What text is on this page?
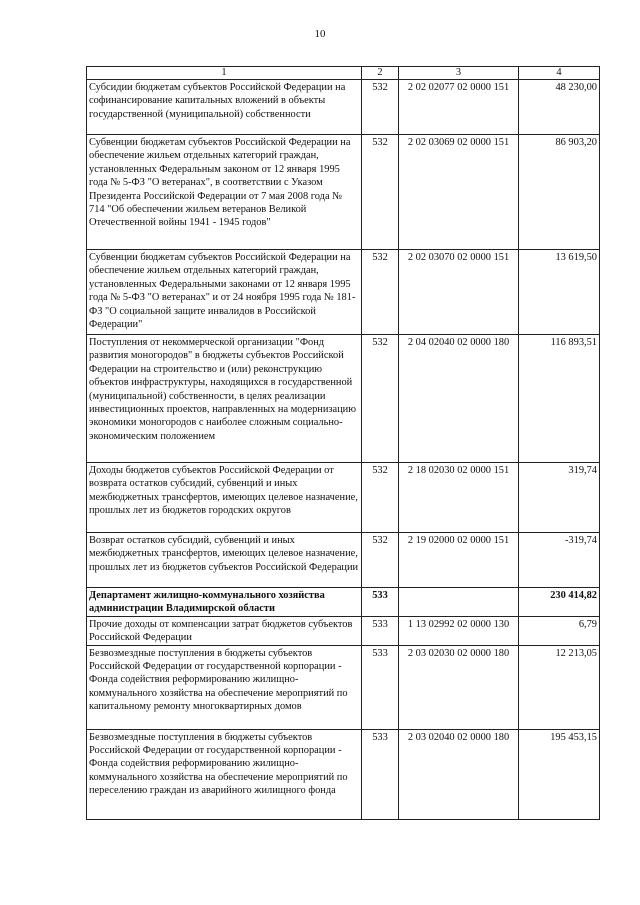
10
1	2	3	4
Субсидии бюджетам субъектов Российской Федерации на софинансирование капитальных вложений в объекты государственной (муниципальной) собственности	532	2 02 02077 02 0000 151	48 230,00
Субвенции бюджетам субъектов Российской Федерации на обеспечение жильем отдельных категорий граждан, установленных Федеральным законом от 12 января 1995 года № 5-ФЗ "О ветеранах", в соответствии с Указом Президента Российской Федерации от 7 мая 2008 года № 714 "Об обеспечении жильем ветеранов Великой Отечественной войны 1941 - 1945 годов"	532	2 02 03069 02 0000 151	86 903,20
Субвенции бюджетам субъектов Российской Федерации на обеспечение жильем отдельных категорий граждан, установленных Федеральными законами от 12 января 1995 года № 5-ФЗ "О ветеранах" и от 24 ноября 1995 года № 181-ФЗ "О социальной защите инвалидов в Российской Федерации"	532	2 02 03070 02 0000 151	13 619,50
Поступления от некоммерческой организации "Фонд развития моногородов" в бюджеты субъектов Российской Федерации на строительство и (или) реконструкцию объектов инфраструктуры, находящихся в государственной (муниципальной) собственности, в целях реализации инвестиционных проектов, направленных на модернизацию экономики моногородов с наиболее сложным социально-экономическим положением	532	2 04 02040 02 0000 180	116 893,51
Доходы бюджетов субъектов Российской Федерации от возврата остатков субсидий, субвенций и иных межбюджетных трансфертов, имеющих целевое назначение, прошлых лет из бюджетов городских округов	532	2 18 02030 02 0000 151	319,74
Возврат остатков субсидий, субвенций и иных межбюджетных трансфертов, имеющих целевое назначение, прошлых лет из бюджетов субъектов Российской Федерации	532	2 19 02000 02 0000 151	-319,74
Департамент жилищно-коммунального хозяйства администрации Владимирской области	533		230 414,82
Прочие доходы от компенсации затрат бюджетов субъектов Российской Федерации	533	1 13 02992 02 0000 130	6,79
Безвозмездные поступления в бюджеты субъектов Российской Федерации от государственной корпорации - Фонда содействия реформированию жилищно-коммунального хозяйства на обеспечение мероприятий по капитальному ремонту многоквартирных домов	533	2 03 02030 02 0000 180	12 213,05
Безвозмездные поступления в бюджеты субъектов Российской Федерации от государственной корпорации - Фонда содействия реформированию жилищно-коммунального хозяйства на обеспечение мероприятий по переселению граждан из аварийного жилищного фонда	533	2 03 02040 02 0000 180	195 453,15
